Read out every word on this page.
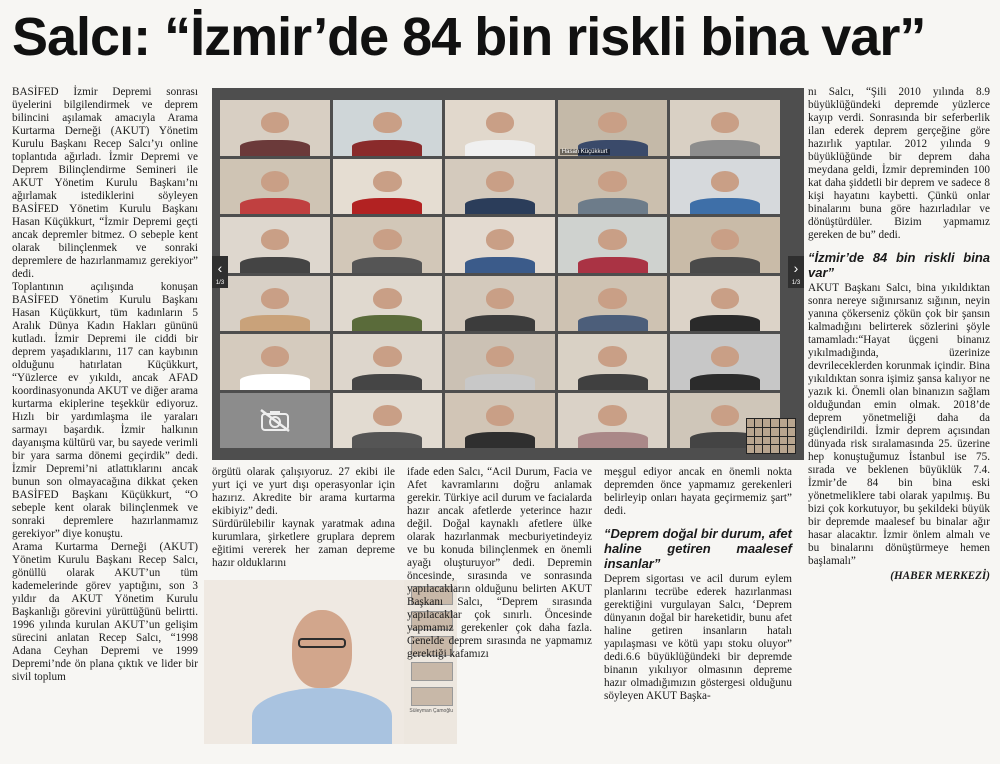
Salcı: “İzmir’de 84 bin riskli bina var”

BASİFED İzmir Depremi sonrası üyelerini bilgilendirmek ve deprem bilincini aşılamak amacıyla Arama Kurtarma Derneği (AKUT) Yönetim Kurulu Başkanı Recep Salcı’yı online toplantıda ağırladı. İzmir Depremi ve Deprem Bilinçlendirme Semineri ile AKUT Yönetim Kurulu Başkanı’nı ağırlamak istediklerini söyleyen BASİFED Yönetim Kurulu Başkanı Hasan Küçükkurt, “İzmir Depremi geçti ancak depremler bitmez. O sebeple kent olarak bilinçlenmek ve sonraki depremlere de hazırlanmamız gerekiyor” dedi.

Toplantının açılışında konuşan BASİFED Yönetim Kurulu Başkanı Hasan Küçükkurt, tüm kadınların 5 Aralık Dünya Kadın Hakları gününü kutladı. İzmir Depremi ile ciddi bir deprem yaşadıklarını, 117 can kaybının olduğunu hatırlatan Küçükkurt, “Yüzlerce ev yıkıldı, ancak AFAD koordinasyonunda AKUT ve diğer arama kurtarma ekiplerine teşekkür ediyoruz. Hızlı bir yardımlaşma ile yaraları sarmayı başardık. İzmir halkının dayanışma kültürü var, bu sayede verimli bir yara sarma dönemi geçirdik” dedi. İzmir Depremi’ni atlattıklarını ancak bunun son olmayacağına dikkat çeken BASİFED Başkanı Küçükkurt, “O sebeple kent olarak bilinçlenmek ve sonraki depremlere hazırlanmamız gerekiyor” diye konuştu.

Arama Kurtarma Derneği (AKUT) Yönetim Kurulu Başkanı Recep Salcı, gönüllü olarak AKUT’un tüm kademelerinde görev yaptığını, son 3 yıldır da AKUT Yönetim Kurulu Başkanlığı görevini yürüttüğünü belirtti. 1996 yılında kurulan AKUT’un gelişim sürecini anlatan Recep Salcı, “1998 Adana Ceyhan Depremi ve 1999 Depremi’nde ön plana çıktık ve lider bir sivil toplum

Hasan Küçükkurt
‹
1/3
›
1/3

örgütü olarak çalışıyoruz. 27 ekibi ile yurt içi ve yurt dışı operasyonlar için hazırız. Akredite bir arama kurtarma ekibiyiz” dedi.

Sürdürülebilir kaynak yaratmak adına kurumlara, şirketlere gruplara deprem eğitimi vererek her zaman depreme hazır olduklarını

Süleyman Çamoğlu

ifade eden Salcı, “Acil Durum, Facia ve Afet kavramlarını doğru anlamak gerekir. Türkiye acil durum ve facialarda hazır ancak afetlerde yeterince hazır değil. Doğal kaynaklı afetlere ülke olarak hazırlanmak mecburiyetindeyiz ve bu konuda bilinçlenmek en önemli ayağı oluşturuyor” dedi. Depremin öncesinde, sırasında ve sonrasında yapılacakların olduğunu belirten AKUT Başkanı Salcı, “Deprem sırasında yapılacaklar çok sınırlı. Öncesinde yapmamız gerekenler çok daha fazla. Genelde deprem sırasında ne yapmamız gerektiği kafamızı

meşgul ediyor ancak en önemli nokta depremden önce yapmamız gerekenleri belirleyip onları hayata geçirmemiz şart” dedi.

“Deprem doğal bir durum, afet haline getiren maalesef insanlar”

Deprem sigortası ve acil durum eylem planlarını tecrübe ederek hazırlanması gerektiğini vurgulayan Salcı, ‘Deprem dünyanın doğal bir hareketidir, bunu afet haline getiren insanların hatalı yapılaşması ve kötü yapı stoku oluyor” dedi.6.6 büyüklüğündeki bir depremde binanın yıkılıyor olmasının depreme hazır olmadığımızın göstergesi olduğunu söyleyen AKUT Başka-

nı Salcı, “Şili 2010 yılında 8.9 büyüklüğündeki depremde yüzlerce kayıp verdi. Sonrasında bir seferberlik ilan ederek deprem gerçeğine göre hazırlık yaptılar. 2012 yılında 9 büyüklüğünde bir deprem daha meydana geldi, İzmir depreminden 100 kat daha şiddetli bir deprem ve sadece 8 kişi hayatını kaybetti. Çünkü onlar binalarını buna göre hazırladılar ve dönüştürdüler. Bizim yapmamız gereken de bu” dedi.

“İzmir’de 84 bin riskli bina var”

AKUT Başkanı Salcı, bina yıkıldıktan sonra nereye sığınırsanız sığının, neyin yanına çökerseniz çökün çok bir şansın kalmadığını belirterek sözlerini şöyle tamamladı:“Hayat üçgeni binanız yıkılmadığında, üzerinize devrileceklerden korunmak içindir. Bina yıkıldıktan sonra işimiz şansa kalıyor ne yazık ki. Önemli olan binanızın sağlam olduğundan emin olmak. 2018’de deprem yönetmeliği daha da güçlendirildi. İzmir deprem açısından dünyada risk sıralamasında 25. üzerine hep konuştuğumuz İstanbul ise 75. sırada ve beklenen büyüklük 7.4. İzmir’de 84 bin bina eski yönetmeliklere tabi olarak yapılmış. Bu bizi çok korkutuyor, bu şekildeki büyük bir depremde maalesef bu binalar ağır hasar alacaktır. İzmir önlem almalı ve bu binalarını dönüştürmeye hemen başlamalı”

(HABER MERKEZİ)
